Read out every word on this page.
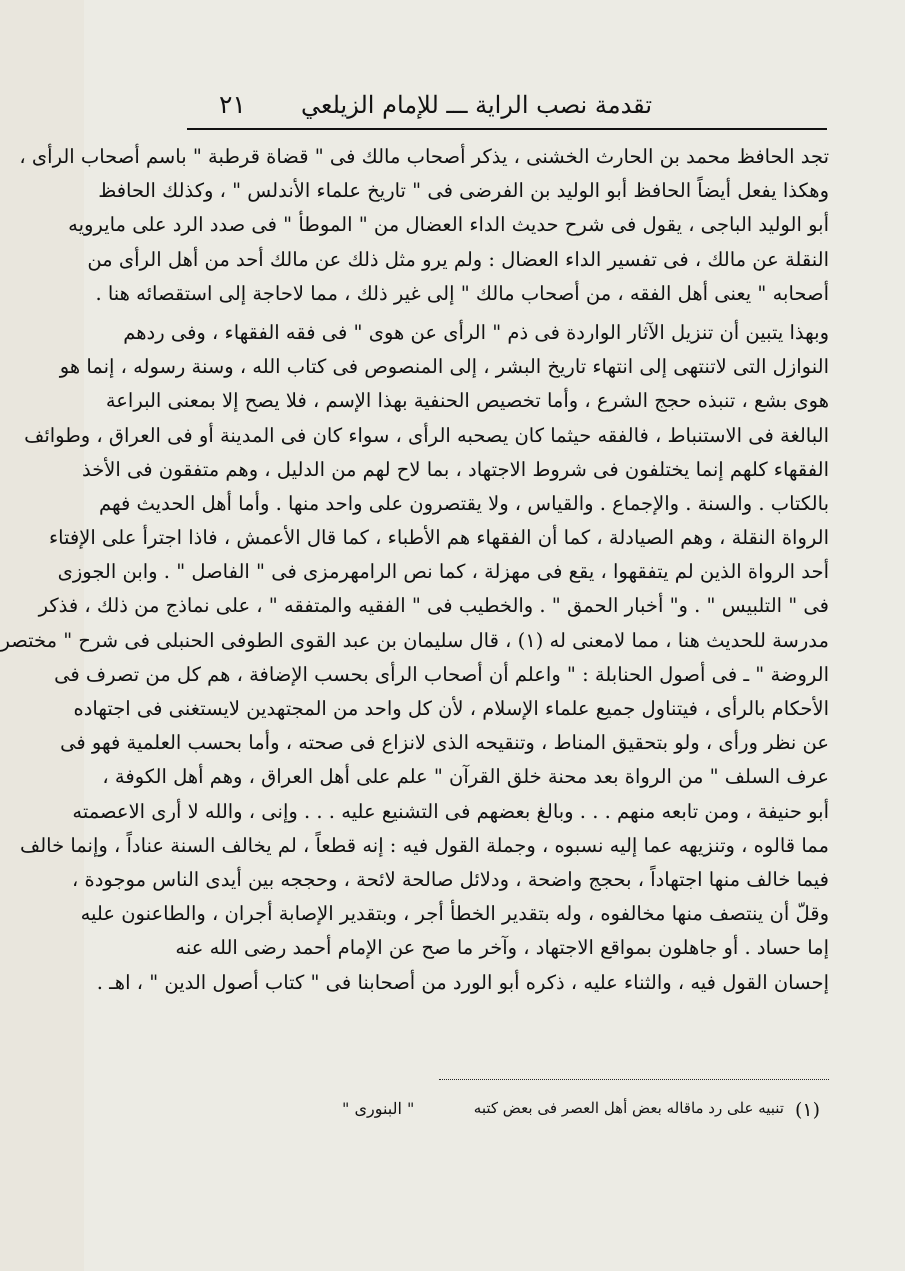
تقدمة نصب الراية ـــ للإمام الزيلعي
٢١
تجد الحافظ محمد بن الحارث الخشنى ، يذكر أصحاب مالك فى " قضاة قرطبة " باسم أصحاب الرأى ،
وهكذا يفعل أيضاً الحافظ أبو الوليد بن الفرضى فى " تاريخ علماء الأندلس " ، وكذلك الحافظ
أبو الوليد الباجى ، يقول فى شرح حديث الداء العضال من " الموطأ " فى صدد الرد على مايرويه
النقلة عن مالك ، فى تفسير الداء العضال : ولم يرو مثل ذلك عن مالك أحد من أهل الرأى من
أصحابه " يعنى أهل الفقه ، من أصحاب مالك " إلى غير ذلك ، مما لاحاجة إلى استقصائه هنا .
وبهذا يتبين أن تنزيل الآثار الواردة فى ذم " الرأى عن هوى " فى فقه الفقهاء ، وفى ردهم
النوازل التى لاتنتهى إلى انتهاء تاريخ البشر ، إلى المنصوص فى كتاب الله ، وسنة رسوله ، إنما هو
هوى بشع ، تنبذه حجج الشرع ، وأما تخصيص الحنفية بهذا الإسم ، فلا يصح إلا بمعنى البراعة
البالغة فى الاستنباط ، فالفقه حيثما كان يصحبه الرأى ، سواء كان فى المدينة أو فى العراق ، وطوائف
الفقهاء كلهم إنما يختلفون فى شروط الاجتهاد ، بما لاح لهم من الدليل ، وهم متفقون فى الأخذ
بالكتاب . والسنة . والإجماع . والقياس ، ولا يقتصرون على واحد منها . وأما أهل الحديث فهم
الرواة النقلة ، وهم الصيادلة ، كما أن الفقهاء هم الأطباء ، كما قال الأعمش ، فاذا اجترأ على الإفتاء
أحد الرواة الذين لم يتفقهوا ، يقع فى مهزلة ، كما نص الرامهرمزى فى " الفاصل " . وابن الجوزى
فى " التلبيس " . و" أخبار الحمق " . والخطيب فى " الفقيه والمتفقه " ، على نماذج من ذلك ، فذكر
مدرسة للحديث هنا ، مما لامعنى له (١) ، قال سليمان بن عبد القوى الطوفى الحنبلى فى شرح " مختصر
الروضة " ـ فى أصول الحنابلة : " واعلم أن أصحاب الرأى بحسب الإضافة ، هم كل من تصرف فى
الأحكام بالرأى ، فيتناول جميع علماء الإسلام ، لأن كل واحد من المجتهدين لايستغنى فى اجتهاده
عن نظر ورأى ، ولو بتحقيق المناط ، وتنقيحه الذى لانزاع فى صحته ، وأما بحسب العلمية فهو فى
عرف السلف " من الرواة بعد محنة خلق القرآن " علم على أهل العراق ، وهم أهل الكوفة ،
أبو حنيفة ، ومن تابعه منهم . . . وبالغ بعضهم فى التشنيع عليه . . . وإنى ، والله لا أرى الاعصمته
مما قالوه ، وتنزيهه عما إليه نسبوه ، وجملة القول فيه : إنه قطعاً ، لم يخالف السنة عناداً ، وإنما خالف
فيما خالف منها اجتهاداً ، بحجج واضحة ، ودلائل صالحة لائحة ، وحججه بين أيدى الناس موجودة ،
وقلّ أن ينتصف منها مخالفوه ، وله بتقدير الخطأ أجر ، وبتقدير الإصابة أجران ، والطاعنون عليه
إما حساد . أو جاهلون بمواقع الاجتهاد ، وآخر ما صح عن الإمام أحمد رضى الله عنه
إحسان القول فيه ، والثناء عليه ، ذكره أبو الورد من أصحابنا فى " كتاب أصول الدين " ، اهـ .
(١)
تنبيه على رد ماقاله بعض أهل العصر فى بعض كتبه
" البنورى "
